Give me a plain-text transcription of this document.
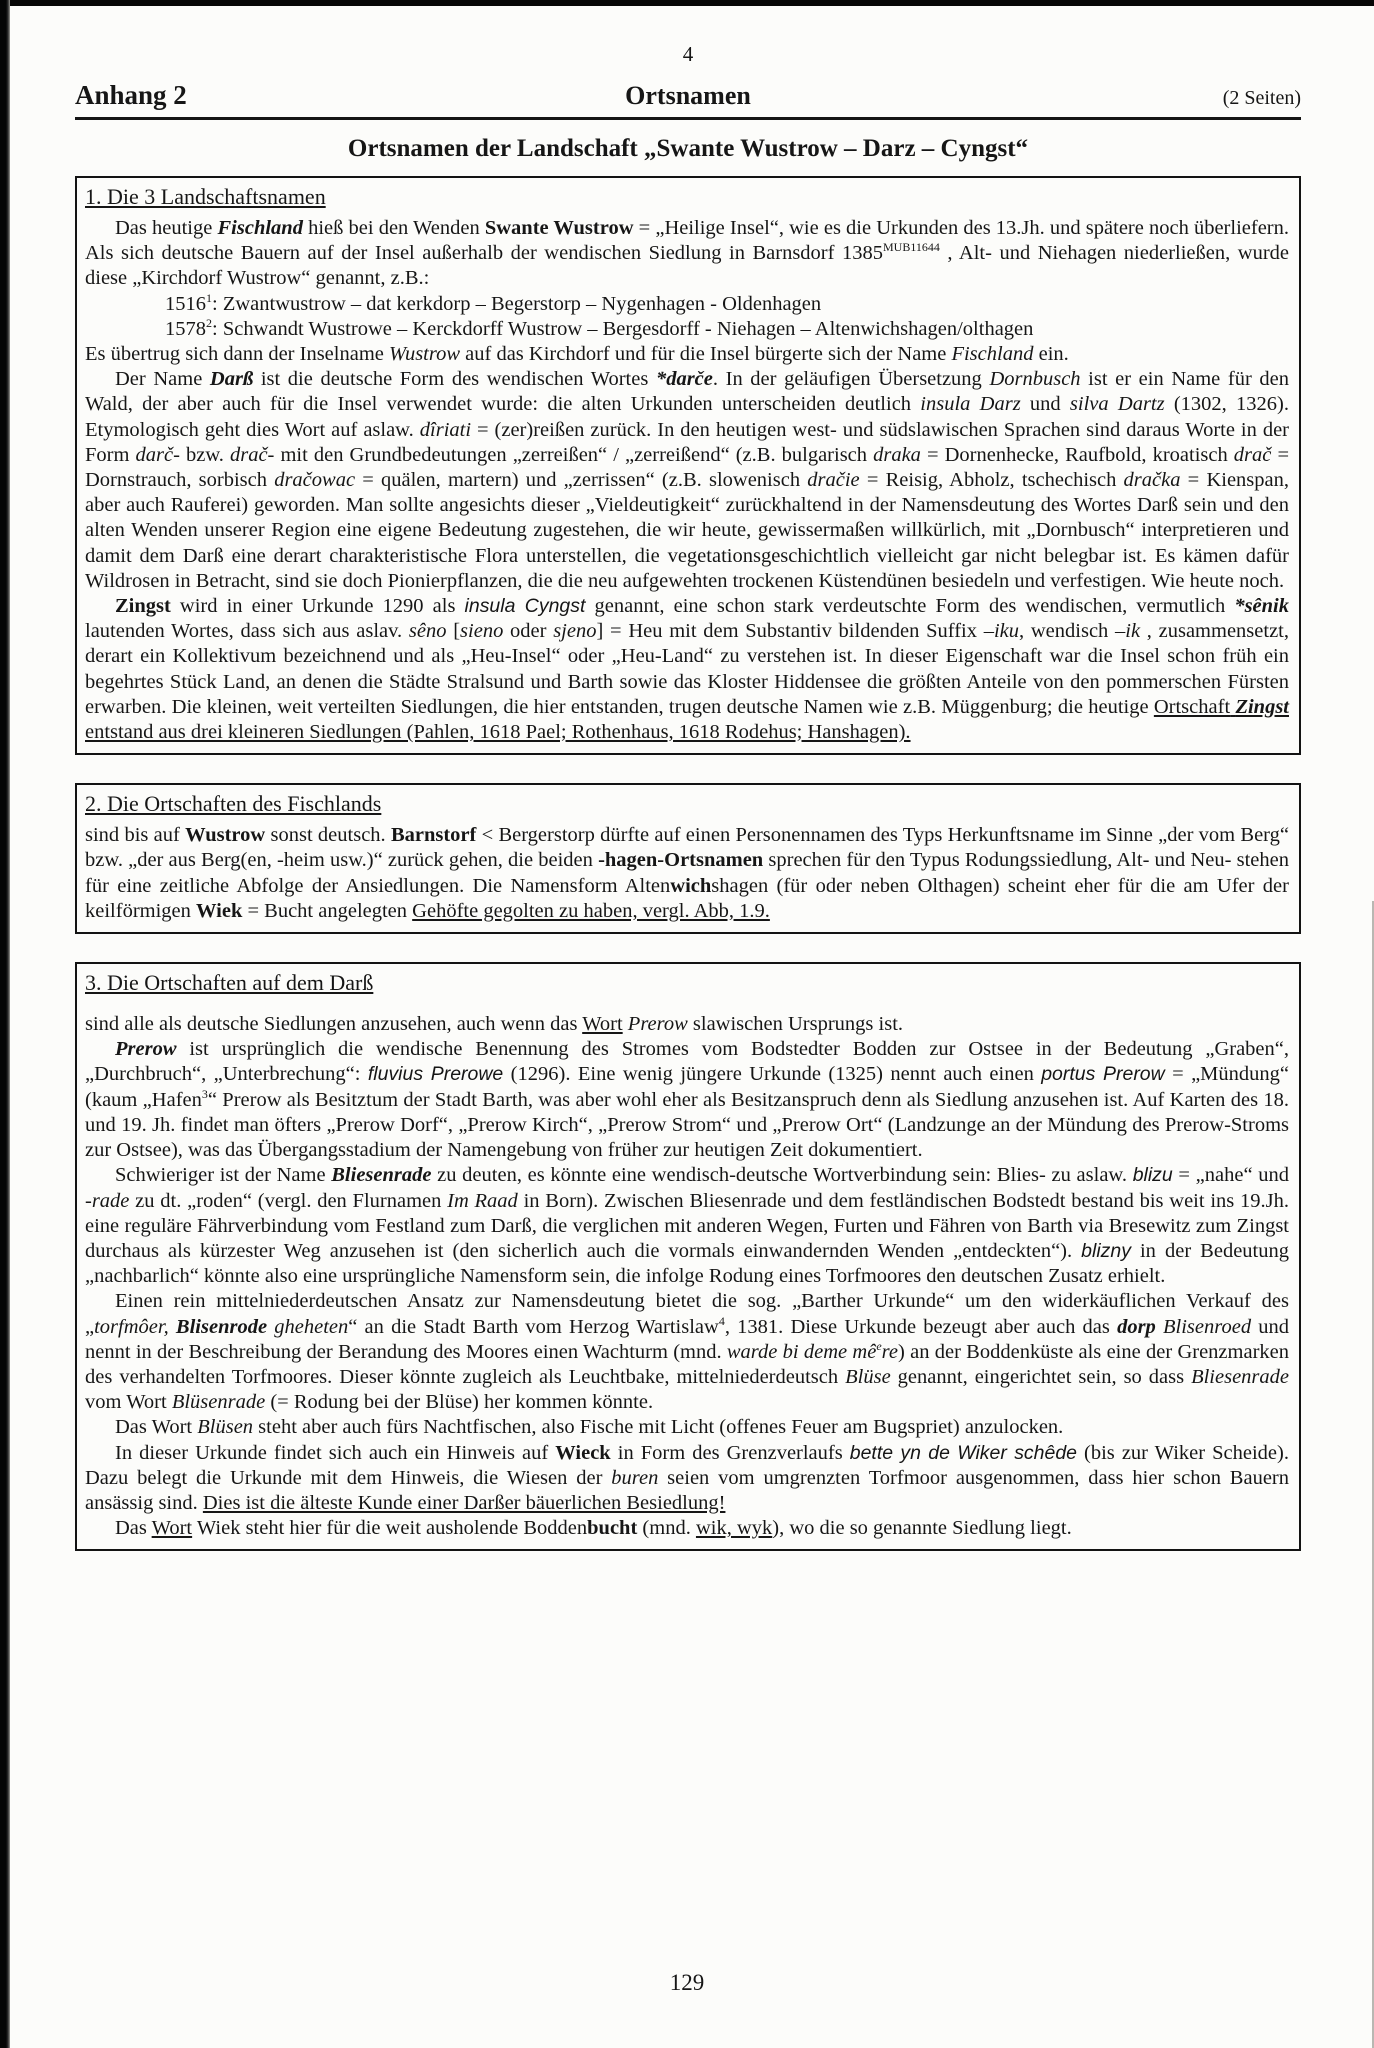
4
Anhang 2	Ortsnamen	(2 Seiten)
Ortsnamen der Landschaft „Swante Wustrow – Darz – Cyngst“
1. Die 3 Landschaftsnamen

Das heutige Fischland hieß bei den Wenden Swante Wustrow = „Heilige Insel“, wie es die Urkunden des 13.Jh. und spätere noch überliefern. Als sich deutsche Bauern auf der Insel außerhalb der wendischen Siedlung in Barnsdorf $1385^{MUB11644}$ , Alt- und Niehagen niederließen, wurde diese „Kirchdorf Wustrow“ genannt, z.B.:

1516$^1$: Zwantwustrow – dat kerkdorp – Begerstorp – Nygenhagen - Oldenhagen

1578$^2$: Schwandt Wustrowe – Kerckdorff Wustrow – Bergesdorff - Niehagen – Altenwichshagen/olthagen

Es übertrug sich dann der Inselname Wustrow auf das Kirchdorf und für die Insel bürgerte sich der Name Fischland ein.

Der Name Darß ist die deutsche Form des wendischen Wortes *darče. In der geläufigen Übersetzung Dornbusch ist er ein Name für den Wald, der aber auch für die Insel verwendet wurde: die alten Urkunden unterscheiden deutlich insula Darz und silva Dartz (1302, 1326). Etymologisch geht dies Wort auf aslaw. dîriati = (zer)reißen zurück. In den heutigen west- und südslawischen Sprachen sind daraus Worte in der Form darč- bzw. drač- mit den Grundbedeutungen „zerreißen“ / „zerreißend“ (z.B. bulgarisch draka = Dornenhecke, Raufbold, kroatisch drač = Dornstrauch, sorbisch dračowac = quälen, martern) und „zerrissen“ (z.B. slowenisch dračie = Reisig, Abholz, tschechisch dračka = Kienspan, aber auch Rauferei) geworden. Man sollte angesichts dieser „Vieldeutigkeit“ zurückhaltend in der Namensdeutung des Wortes Darß sein und den alten Wenden unserer Region eine eigene Bedeutung zugestehen, die wir heute, gewissermaßen willkürlich, mit „Dornbusch“ interpretieren und damit dem Darß eine derart charakteristische Flora unterstellen, die vegetationsgeschichtlich vielleicht gar nicht belegbar ist. Es kämen dafür Wildrosen in Betracht, sind sie doch Pionierpflanzen, die die neu aufgewehten trockenen Küstendünen besiedeln und verfestigen. Wie heute noch.

Zingst wird in einer Urkunde 1290 als insula Cyngst genannt, eine schon stark verdeutschte Form des wendischen, vermutlich *sênik lautenden Wortes, dass sich aus aslav. sêno [sieno oder sjeno] = Heu mit dem Substantiv bildenden Suffix –iku, wendisch –ik , zusammensetzt, derart ein Kollektivum bezeichnend und als „Heu-Insel“ oder „Heu-Land“ zu verstehen ist. In dieser Eigenschaft war die Insel schon früh ein begehrtes Stück Land, an denen die Städte Stralsund und Barth sowie das Kloster Hiddensee die größten Anteile von den pommerschen Fürsten erwarben. Die kleinen, weit verteilten Siedlungen, die hier entstanden, trugen deutsche Namen wie z.B. Müggenburg; die heutige Ortschaft Zingst entstand aus drei kleineren Siedlungen (Pahlen, 1618 Pael; Rothenhaus, 1618 Rodehus; Hanshagen).

2. Die Ortschaften des Fischlands

sind bis auf Wustrow sonst deutsch. Barnstorf < Bergerstorp dürfte auf einen Personennamen des Typs Herkunftsname im Sinne „der vom Berg“ bzw. „der aus Berg(en, -heim usw.)“ zurück gehen, die beiden -hagen-Ortsnamen sprechen für den Typus Rodungssiedlung, Alt- und Neu- stehen für eine zeitliche Abfolge der Ansiedlungen. Die Namensform Altenwichshagen (für oder neben Olthagen) scheint eher für die am Ufer der keilförmigen Wiek = Bucht angelegten Gehöfte gegolten zu haben, vergl. Abb, 1.9.

3. Die Ortschaften auf dem Darß

sind alle als deutsche Siedlungen anzusehen, auch wenn das Wort Prerow slawischen Ursprungs ist.

Prerow ist ursprünglich die wendische Benennung des Stromes vom Bodstedter Bodden zur Ostsee in der Bedeutung „Graben“, „Durchbruch“, „Unterbrechung“: fluvius Prerowe (1296). Eine wenig jüngere Urkunde (1325) nennt auch einen portus Prerow = „Mündung“ (kaum „Hafen$^3$“ Prerow als Besitztum der Stadt Barth, was aber wohl eher als Besitzanspruch denn als Siedlung anzusehen ist. Auf Karten des 18. und 19. Jh. findet man öfters „Prerow Dorf“, „Prerow Kirch“, „Prerow Strom“ und „Prerow Ort“ (Landzunge an der Mündung des Prerow-Stroms zur Ostsee), was das Übergangsstadium der Namengebung von früher zur heutigen Zeit dokumentiert.

Schwieriger ist der Name Bliesenrade zu deuten, es könnte eine wendisch-deutsche Wortverbindung sein: Blies- zu aslaw. blizu = „nahe“ und -rade zu dt. „roden“ (vergl. den Flurnamen Im Raad in Born). Zwischen Bliesenrade und dem festländischen Bodstedt bestand bis weit ins 19.Jh. eine reguläre Fährverbindung vom Festland zum Darß, die verglichen mit anderen Wegen, Furten und Fähren von Barth via Bresewitz zum Zingst durchaus als kürzester Weg anzusehen ist (den sicherlich auch die vormals einwandernden Wenden „entdeckten“). blizny in der Bedeutung „nachbarlich“ könnte also eine ursprüngliche Namensform sein, die infolge Rodung eines Torfmoores den deutschen Zusatz erhielt.

Einen rein mittelniederdeutschen Ansatz zur Namensdeutung bietet die sog. „Barther Urkunde“ um den widerkäuflichen Verkauf des „torfmôer, Blisenrode gheheten“ an die Stadt Barth vom Herzog Wartislaw$^4$, 1381. Diese Urkunde bezeugt aber auch das dorp Blisenroed und nennt in der Beschreibung der Berandung des Moores einen Wachturm (mnd. warde bi deme $mê^ere$) an der Boddenküste als eine der Grenzmarken des verhandelten Torfmoores. Dieser könnte zugleich als Leuchtbake, mittelniederdeutsch Blüse genannt, eingerichtet sein, so dass Bliesenrade vom Wort Blüsenrade (= Rodung bei der Blüse) her kommen könnte.

Das Wort Blüsen steht aber auch fürs Nachtfischen, also Fische mit Licht (offenes Feuer am Bugspriet) anzulocken.

In dieser Urkunde findet sich auch ein Hinweis auf Wieck in Form des Grenzverlaufs bette yn de Wiker schêde (bis zur Wiker Scheide). Dazu belegt die Urkunde mit dem Hinweis, die Wiesen der buren seien vom umgrenzten Torfmoor ausgenommen, dass hier schon Bauern ansässig sind. Dies ist die älteste Kunde einer Darßer bäuerlichen Besiedlung!

Das Wort Wiek steht hier für die weit ausholende Boddenbucht (mnd. wik, wyk), wo die so genannte Siedlung liegt.

129
